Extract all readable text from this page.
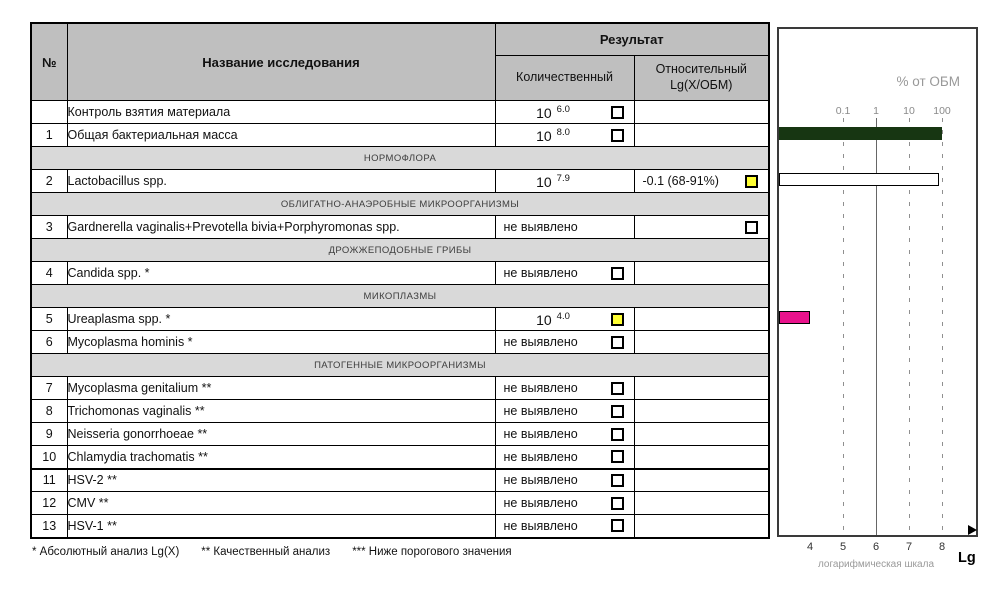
№	Название исследования	Результат	
		Количественный	Относительный
Lg(X/ОБМ)
	Контроль взятия материала	10 $^{6.0}$

1	Общая бактериальная масса	10 $^{8.0}$

НОРМОФЛОРА			
2	Lactobacillus spp.	10 $^{7.9}$	-0.1 (68-91%)

ОБЛИГАТНО-АНАЭРОБНЫЕ МИКРООРГАНИЗМЫ			
3	Gardnerella vaginalis+Prevotella bivia+Porphyromonas spp.	не выявлено	

ДРОЖЖЕПОДОБНЫЕ ГРИБЫ			
4	Candida spp. *	не выявлено	

МИКОПЛАЗМЫ			
5	Ureaplasma spp. *	10 $^{4.0}$

6	Mycoplasma hominis *	не выявлено	

ПАТОГЕННЫЕ МИКРООРГАНИЗМЫ			
7	Mycoplasma genitalium **	не выявлено	

8	Trichomonas vaginalis **	не выявлено	

9	Neisseria gonorrhoeae **	не выявлено	

10	Chlamydia trachomatis **	не выявлено	

11	HSV-2 **	не выявлено	

12	CMV **	не выявлено	

13	HSV-1 **	не выявлено	

% от ОБМ
логарифмическая шкала	Lg
0.1	1	10	100
4	5	6	7	8
* Абсолютный анализ Lg(X) ** Качественный анализ *** Ниже порогового значения
